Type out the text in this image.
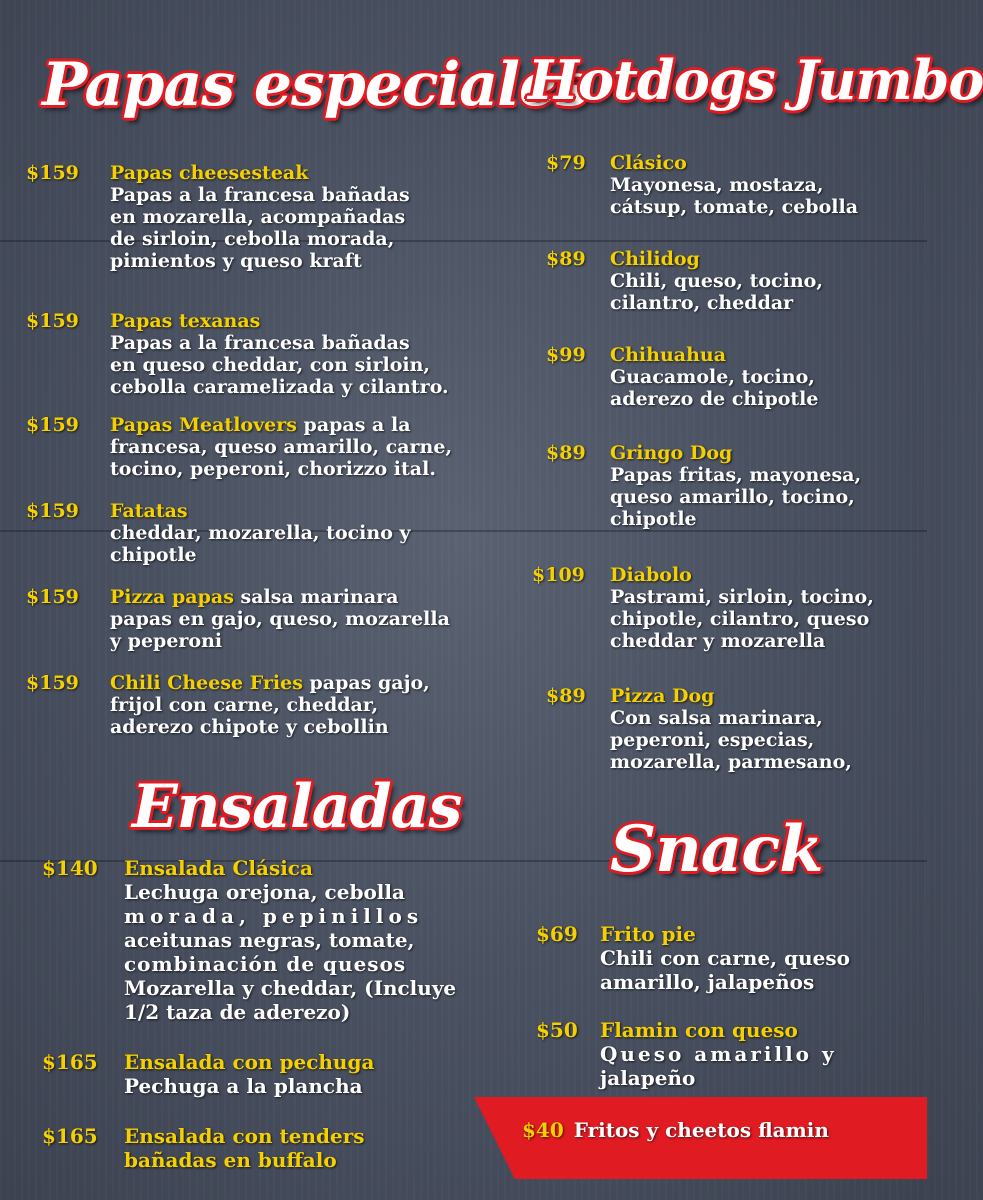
Papas especiales
Hotdogs Jumbo
Ensaladas
Snack
$159 Papas cheesesteak
Papas a la francesa bañadas
en mozarella, acompañadas
de sirloin, cebolla morada,
pimientos y queso kraft
$159 Papas texanas
Papas a la francesa bañadas
en queso cheddar, con sirloin,
cebolla caramelizada y cilantro.
$159 Papas Meatlovers papas a la
francesa, queso amarillo, carne,
tocino, peperoni, chorizzo ital.
$159 Fatatas
cheddar, mozarella, tocino y
chipotle
$159 Pizza papas salsa marinara
papas en gajo, queso, mozarella
y peperoni
$159 Chili Cheese Fries papas gajo,
frijol con carne, cheddar,
aderezo chipote y cebollin
$79 Clásico
Mayonesa, mostaza,
cátsup, tomate, cebolla
$89 Chilidog
Chili, queso, tocino,
cilantro, cheddar
$99 Chihuahua
Guacamole, tocino,
aderezo de chipotle
$89 Gringo Dog
Papas fritas, mayonesa,
queso amarillo, tocino,
chipotle
$109 Diabolo
Pastrami, sirloin, tocino,
chipotle, cilantro, queso
cheddar y mozarella
$89 Pizza Dog
Con salsa marinara,
peperoni, especias,
mozarella, parmesano,
$140 Ensalada Clásica
Lechuga orejona, cebolla
morada, pepinillos
aceitunas negras, tomate,
combinación de quesos
Mozarella y cheddar, (Incluye
1/2 taza de aderezo)
$165 Ensalada con pechuga
Pechuga a la plancha
$165 Ensalada con tenders
bañadas en buffalo
$69 Frito pie
Chili con carne, queso
amarillo, jalapeños
$50 Flamin con queso
Queso amarillo y
jalapeño
$40 Fritos y cheetos flamin
